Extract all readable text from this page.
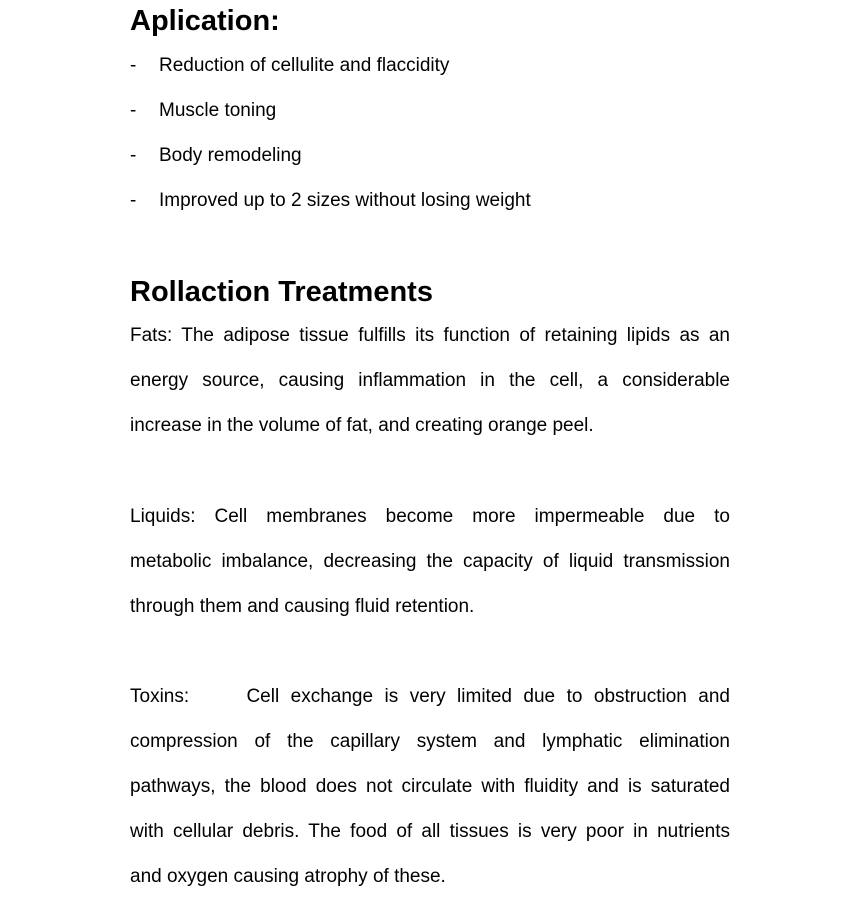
Aplication:
- Reduction of cellulite and flaccidity
- Muscle toning
- Body remodeling
- Improved up to 2 sizes without losing weight
Rollaction Treatments
Fats: The adipose tissue fulfills its function of retaining lipids as an
energy source, causing inflammation in the cell, a considerable
increase in the volume of fat, and creating orange peel.
Liquids: Cell membranes become more impermeable due to
metabolic imbalance, decreasing the capacity of liquid transmission
through them and causing fluid retention.
Toxins:     Cell exchange is very limited due to obstruction and
compression of the capillary system and lymphatic elimination
pathways, the blood does not circulate with fluidity and is saturated
with cellular debris. The food of all tissues is very poor in nutrients
and oxygen causing atrophy of these.
